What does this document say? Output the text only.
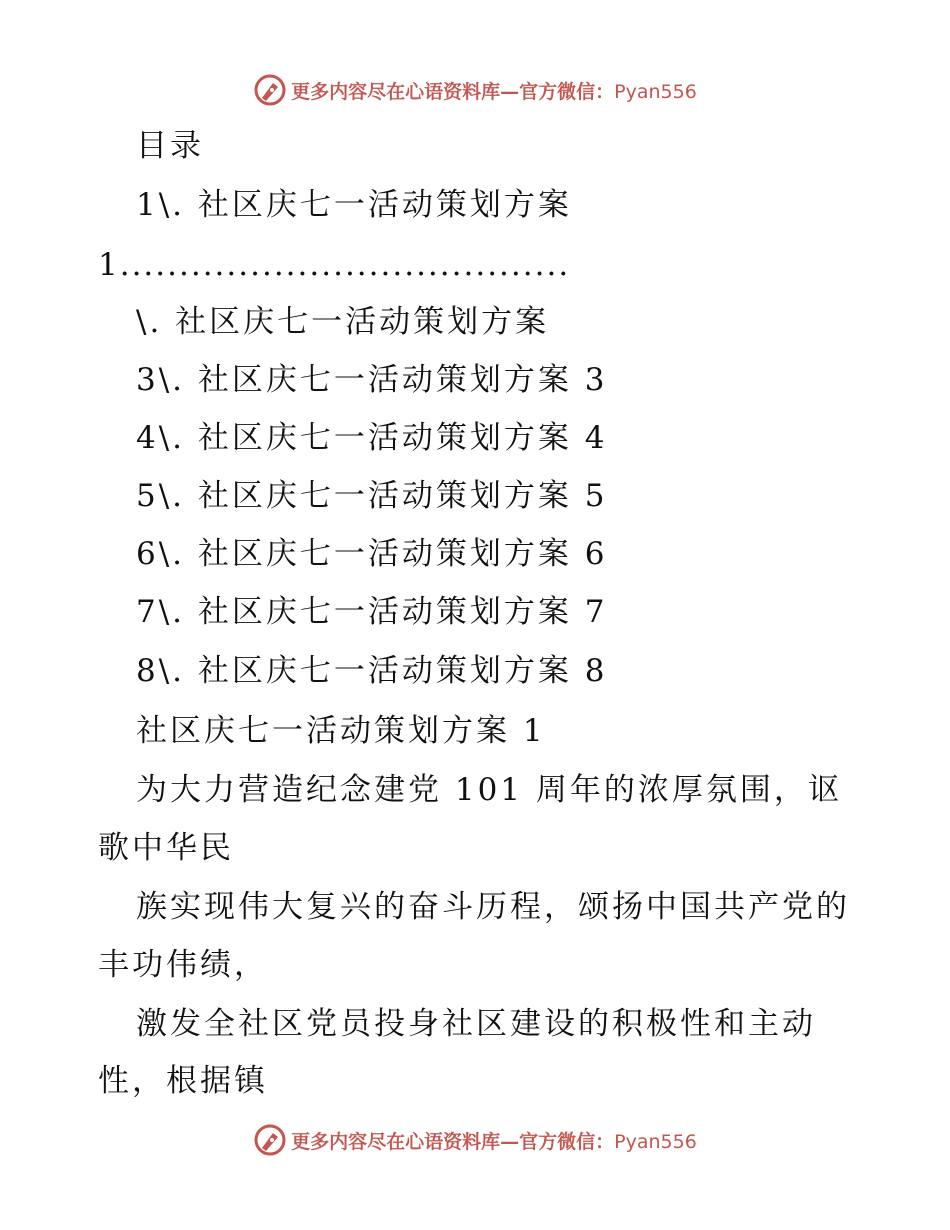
更多内容尽在心语资料库—官方微信：Pyan556
目录
1\. 社区庆七一活动策划方案
1......................................
\. 社区庆七一活动策划方案
3\. 社区庆七一活动策划方案 3
4\. 社区庆七一活动策划方案 4
5\. 社区庆七一活动策划方案 5
6\. 社区庆七一活动策划方案 6
7\. 社区庆七一活动策划方案 7
8\. 社区庆七一活动策划方案 8
社区庆七一活动策划方案 1
为大力营造纪念建党 101 周年的浓厚氛围，讴
歌中华民
族实现伟大复兴的奋斗历程，颂扬中国共产党的
丰功伟绩，
激发全社区党员投身社区建设的积极性和主动
性，根据镇
更多内容尽在心语资料库—官方微信：Pyan556
